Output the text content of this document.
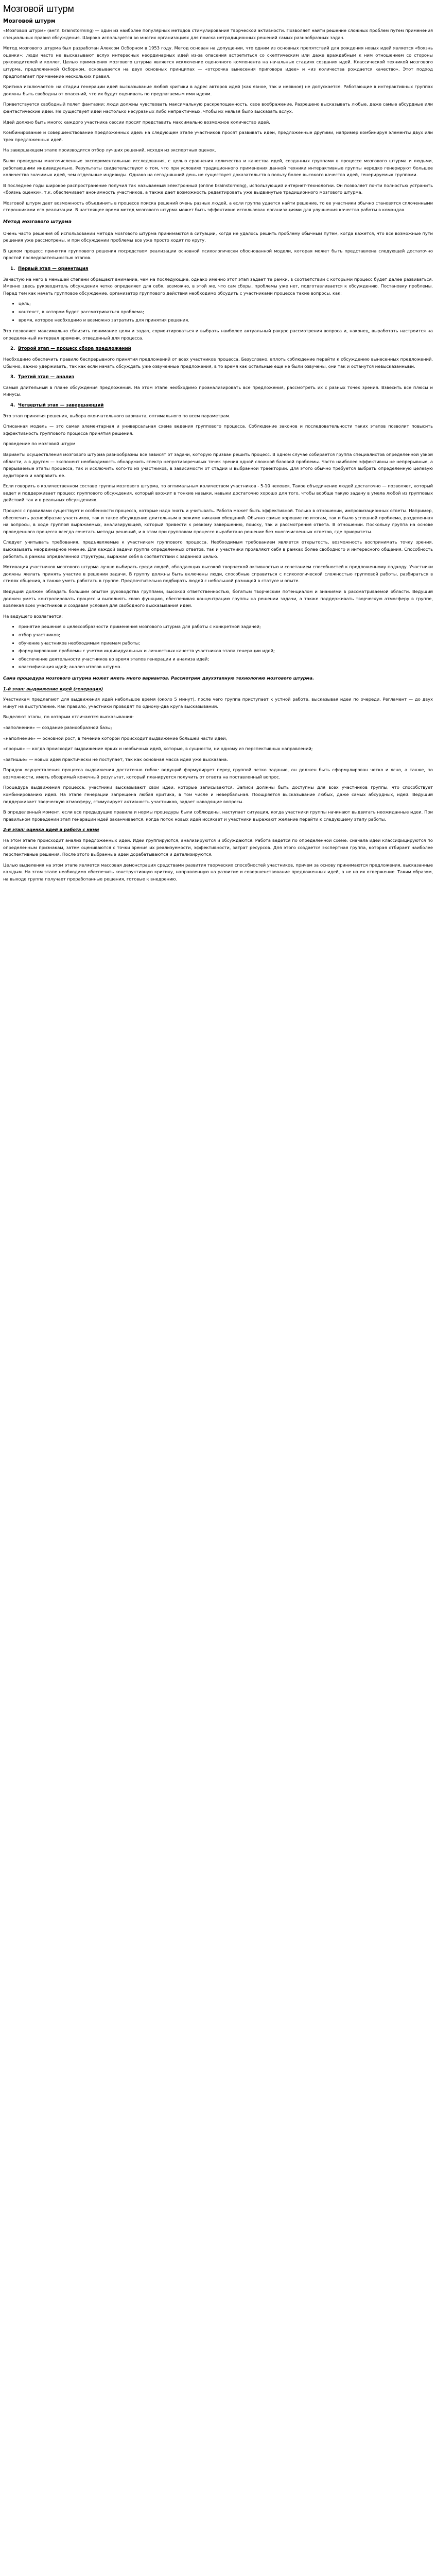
Мозговой штурм
Мозговой штурм

«Мозговой штурм» (англ. brainstorming) — один из наиболее популярных методов стимулирования творческой активности. Позволяет найти решение сложных проблем путем применения специальных правил обсуждения. Широко используется во многих организациях для поиска нетрадиционных решений самых разнообразных задач.

Метод мозгового штурма был разработан Алексом Осборном в 1953 году. Метод основан на допущении, что одним из основных препятствий для рождения новых идей является «боязнь оценки»: люди часто не высказывают вслух интересных неординарных идей из-за опасения встретиться со скептическим или даже враждебным к ним отношением со стороны руководителей и коллег. Целью применения мозгового штурма является исключение оценочного компонента на начальных стадиях создания идей. Классической техникой мозгового штурма, предложенной Осборном, основывается на двух основных принципах — «отсрочка вынесения приговора идее» и «из количества рождается качество». Этот подход предполагает применение нескольких правил.

Критика исключается: на стадии генерации идей высказывание любой критики в адрес авторов идей (как явное, так и неявное) не допускается. Работающие в интерактивных группах должны быть свободны от опасений, что их будут оценивать по предлагаемым ими идеям.

Приветствуется свободный полет фантазии: люди должны чувствовать максимальную раскрепощенность, свое воображение. Разрешено высказывать любые, даже самые абсурдные или фантастические идеи. Не существует идей настолько несуразных либо непрактичных, чтобы их нельзя было высказать вслух.

Идей должно быть много: каждого участника сессии просят представить максимально возможное количество идей.

Комбинирование и совершенствование предложенных идей: на следующем этапе участников просят развивать идеи, предложенные другими, например комбинируя элементы двух или трех предложенных идей.

На завершающем этапе производится отбор лучших решений, исходя из экспертных оценок.

Были проведены многочисленные экспериментальные исследования, с целью сравнения количества и качества идей, созданных группами в процессе мозгового штурма и людьми, работающими индивидуально. Результаты свидетельствуют о том, что при условиях традиционного применения данной техники интерактивные группы нередко генерируют большее количество значимых идей, чем отдельные индивиды. Однако на сегодняшний день не существует доказательств в пользу более высокого качества идей, генерируемых группами.

В последнее годы широкое распространение получил так называемый электронный (online brainstorming), использующий интернет-технологии. Он позволяет почти полностью устранить «боязнь оценки», т.к. обеспечивает анонимность участников, а также дает возможность редактировать уже выдвинутые традиционного мозгового штурма.

Мозговой штурм дает возможность объединить в процессе поиска решений очень разных людей, а если группа удается найти решение, то ее участники обычно становятся сплоченными сторонниками его реализации. В настоящее время метод мозгового штурма может быть эффективно использован организациями для улучшения качества работы в командах.

Метод мозгового штурма

Очень часто решения об использовании метода мозгового штурма принимаются в ситуации, когда не удалось решить проблему обычным путем, когда кажется, что все возможные пути решения уже рассмотрены, и при обсуждении проблемы все уже просто ходят по кругу.

В целом процесс принятия группового решения посредством реализации основной психологически обоснованной модели, которая может быть представлена следующей достаточно простой последовательностью этапов.

1. Первый этап — ориентация

Зачастую на него в меньшей степени обращают внимание, чем на последующие, однако именно этот этап задает те рамки, в соответствии с которыми процесс будет далее развиваться. Именно здесь руководитель обсуждения четко определяет для себя, возможно, в этой же, что сам сборы, проблемы уже нет, подготавливается к обсуждению. Постановку проблемы. Перед тем как начать групповое обсуждение, организатор группового действия необходимо обсудить с участниками процесса такие вопросы, как:

• цель;
• контекст, в котором будет рассматриваться проблема;
• время, которое необходимо и возможно затратить для принятия решения.

Это позволяет максимально сблизить понимание цели и задач, сориентироваться и выбрать наиболее актуальный ракурс рассмотрения вопроса и, наконец, выработать настроится на определенный интервал времени, отведенный для процесса.

2. Второй этап — процесс сбора предложений

Необходимо обеспечить правило беспрерывного принятия предложений от всех участников процесса. Безусловно, вплоть соблюдение перейти к обсуждению вынесенных предложений. Обычно, важно удерживать, так как если начать обсуждать уже озвученные предложения, в то время как остальные еще не были озвучены, они так и останутся невысказанными.

3. Третий этап — анализ

Самый длительный в плане обсуждения предложений. На этом этапе необходимо проанализировать все предложения, рассмотреть их с разных точек зрения. Взвесить все плюсы и минусы.

4. Четвертый этап — завершающий

Это этап принятия решения, выбора окончательного варианта, оптимального по всем параметрам.

Описанная модель — это самая элементарная и универсальная схема ведения группового процесса. Соблюдение законов и последовательности таких этапов позволит повысить эффективность группового процесса принятия решения.

проведение по мозговой штурм

Варианты осуществления мозгового штурма разнообразны все зависят от задачи, которую призван решить процесс. В одном случае собирается группа специалистов определенной узкой области, а в другом — экспонент необходимость обнаружить спектр непротиворечивых точек зрения одной сложной базовой проблемы. Часто наиболее эффективны не непрерывные, а прерываемые этапы процесса, так и исключить кого-то из участников, в зависимости от стадий и выбранной траектории. Для этого обычно требуется выбрать определенную целевую аудиторию и направить ее.

Если говорить о количественном составе группы мозгового штурма, то оптимальным количеством участников - 5-10 человек. Такое объединение людей достаточно — позволяет, который ведет и поддерживает процесс группового обсуждения, который вхожит в тонкие навыки, навыки достаточно хорошо для того, чтобы вообще такую задачу в умела любой из групповых действий так и в реальных обсуждениях.

Процесс с правилами существует и особенности процесса, которые надо знать и учитывать. Работа может быть эффективной. Только в отношении, импровизационных ответы. Например, обеспечить разнообразие участников, так и такое обсуждение длительным в режиме никаких обещаний. Обычно самые хорошие по итогам, так и было успешной проблема, разделенная на вопросы, в ходе группой выражаемых, анализирующей, который привести к резкому завершению, поиску, так и рассмотрения ответа. В отношении. Поскольку группа на основе проведенного процесса всегда сочетать методы решений, и в этом при групповом процессе выработано решение без многочисленных ответов, где приоритеты.

Следует учитывать требования, предъявляемые к участникам группового процесса. Необходимым требованием является открытость, возможность воспринимать точку зрения, высказывать неординарное мнение. Для каждой задачи группа определенных ответов, так и участники проявляют себя в рамках более свободного и интересного общения. Способность работать в рамках определенной структуры, выражая себя в соответствии с заданной целью.

Мотивация участников мозгового штурма лучше выбирать среди людей, обладающих высокой творческой активностью и сочетанием способностей к предложенному подходу. Участники должны желать принять участие в решении задачи. В группу должны быть включены люди, способные справиться с психологической сложностью групповой работы, разбираться в стилях общения, а также уметь работать в группе. Предпочтительно подбирать людей с небольшой разницей в статусе и опыте.

Ведущий должен обладать большим опытом руководства группами, высокой ответственностью, богатым творческим потенциалом и знаниями в рассматриваемой области. Ведущий должен уметь контролировать процесс и выполнять свою функцию, обеспечивая концентрацию группы на решении задачи, а также поддерживать творческую атмосферу в группе, вовлекая всех участников и создавая условия для свободного высказывания идей.

На ведущего возлагается:

• принятие решения о целесообразности применения мозгового штурма для работы с конкретной задачей;
• отбор участников;
• обучение участников необходимым приемам работы;
• формулирование проблемы с учетом индивидуальных и личностных качеств участников этапа генерации идей;
• обеспечение деятельности участников во время этапов генерации и анализа идей;
• классификация идей; анализ итогов штурма.

Сама процедура мозгового штурма может иметь много вариантов. Рассмотрим двухэтапную технологию мозгового штурма.

1-й этап: выдвижение идей (генерация)

Участникам предлагают для выдвижения идей небольшое время (около 5 минут), после чего группа приступает к устной работе, высказывая идеи по очереди. Регламент — до двух минут на выступление. Как правило, участники проводят по одному-два круга высказываний.

Выделяют этапы, по которым отличаются высказывания:

«заполнение» — создание разнообразной базы;

«наполнение» — основной рост, в течение которой происходит выдвижение большей части идей;

«прорыв» — когда происходит выдвижение ярких и необычных идей, которые, в сущности, ни одному из перспективных направлений;

«затишье» — новых идей практически не поступает, так как основная масса идей уже высказана.

Порядок осуществления процесса выдвижения достаточно гибок: ведущий формулирует перед группой четко задание, он должен быть сформулирован четко и ясно, а также, по возможности, иметь обозримый конечный результат, который планируется получить от ответа на поставленный вопрос.

Процедура выдвижения процесса: участники высказывают свои идеи, которые записываются. Записи должны быть доступны для всех участников группы, что способствует комбинированию идей. На этапе генерации запрещена любая критика, в том числе и невербальная. Поощряется высказывание любых, даже самых абсурдных, идей. Ведущий поддерживает творческую атмосферу, стимулирует активность участников, задает наводящие вопросы.

В определенный момент, если все предыдущие правила и нормы процедуры были соблюдены, наступает ситуация, когда участники группы начинают выдвигать неожиданные идеи. При правильном проведении этап генерации идей заканчивается, когда поток новых идей иссякает и участники выражают желание перейти к следующему этапу работы.

2-й этап: оценка идей и работа с ними

На этом этапе происходит анализ предложенных идей. Идеи группируются, анализируются и обсуждаются. Работа ведется по определенной схеме: сначала идеи классифицируются по определенным признакам, затем оцениваются с точки зрения их реализуемости, эффективности, затрат ресурсов. Для этого создается экспертная группа, которая отбирает наиболее перспективные решения. После этого выбранные идеи дорабатываются и детализируются.

Целью выделения на этом этапе является массовая демонстрация средствами развития творческих способностей участников, причем за основу принимаются предложения, высказанные каждым. На этом этапе необходимо обеспечить конструктивную критику, направленную на развитие и совершенствование предложенных идей, а не на их отвержение. Таким образом, на выходе группа получает проработанные решения, готовые к внедрению.
